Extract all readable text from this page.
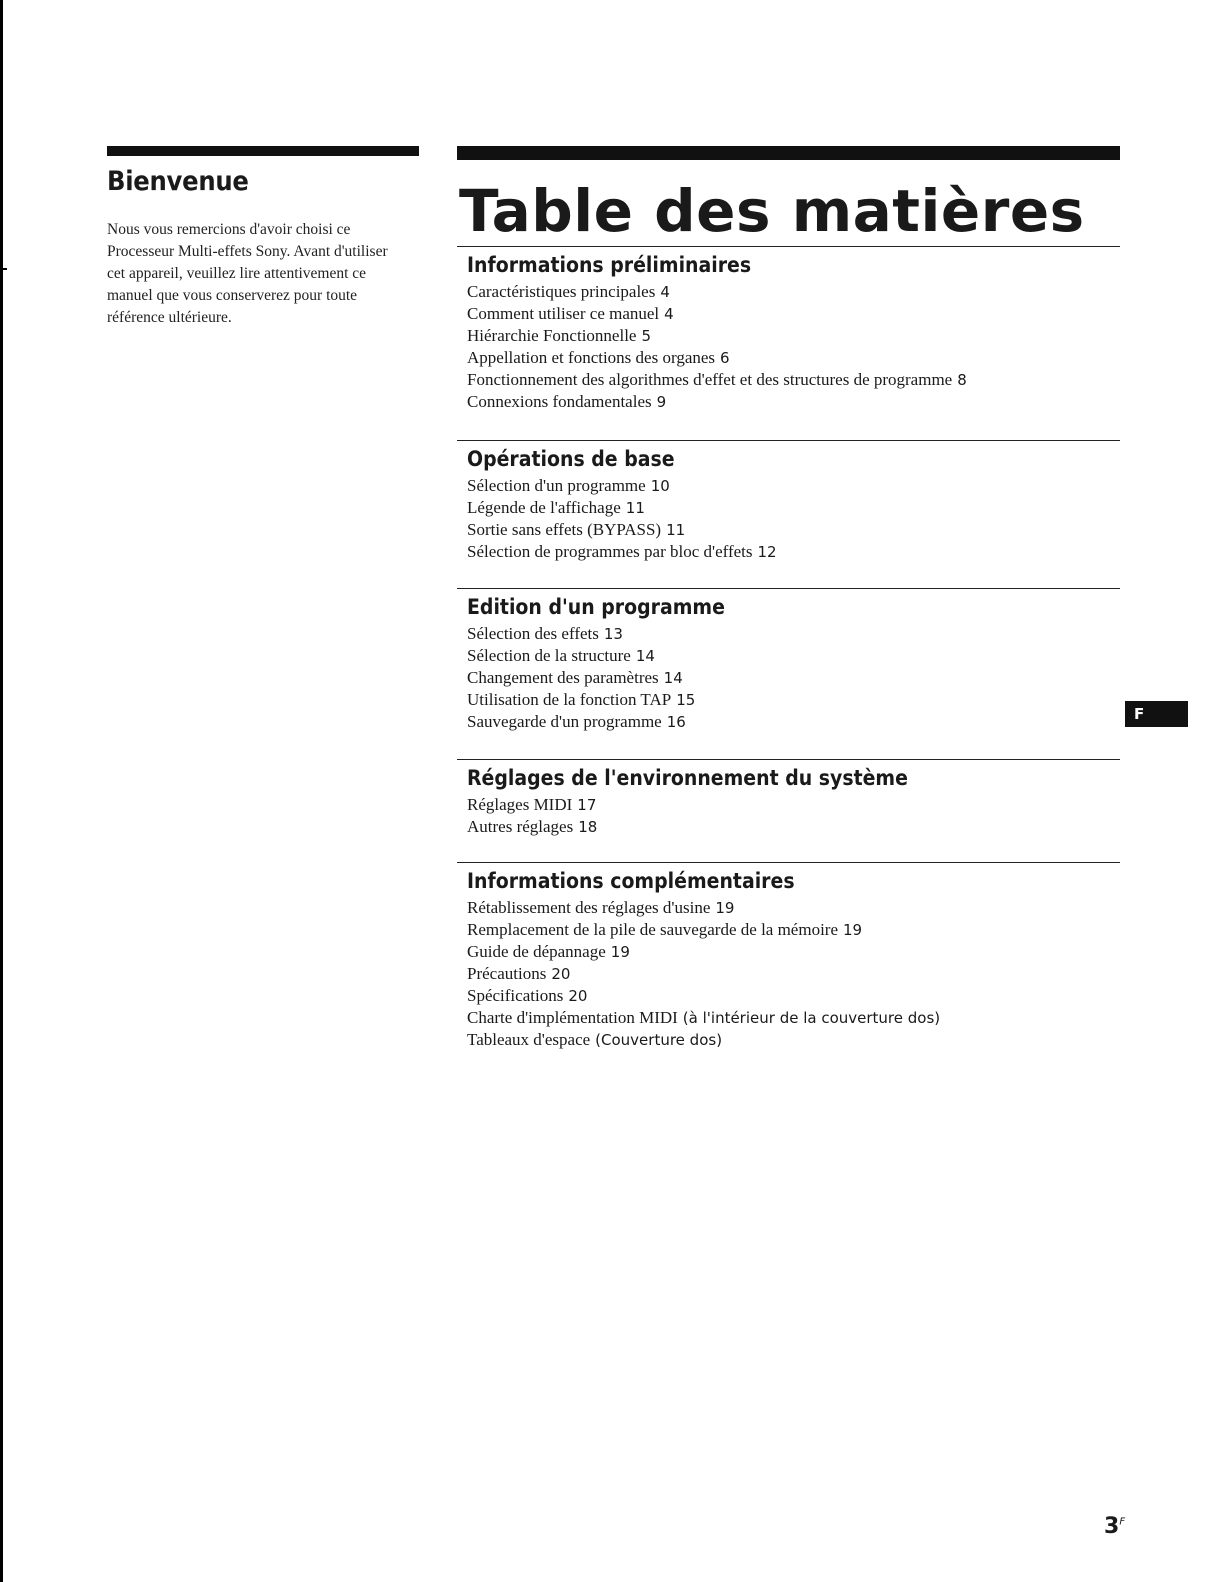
Bienvenue

Nous vous remercions d'avoir choisi ce Processeur Multi-effets Sony. Avant d'utiliser cet appareil, veuillez lire attentivement ce manuel que vous conserverez pour toute référence ultérieure.

Table des matières
Informations préliminaires
Caractéristiques principales 4
Comment utiliser ce manuel 4
Hiérarchie Fonctionnelle 5
Appellation et fonctions des organes 6
Fonctionnement des algorithmes d'effet et des structures de programme 8
Connexions fondamentales 9
Opérations de base
Sélection d'un programme 10
Légende de l'affichage 11
Sortie sans effets (BYPASS) 11
Sélection de programmes par bloc d'effets 12
Edition d'un programme
Sélection des effets 13
Sélection de la structure 14
Changement des paramètres 14
Utilisation de la fonction TAP 15
Sauvegarde d'un programme 16
Réglages de l'environnement du système
Réglages MIDI 17
Autres réglages 18
Informations complémentaires
Rétablissement des réglages d'usine 19
Remplacement de la pile de sauvegarde de la mémoire 19
Guide de dépannage 19
Précautions 20
Spécifications 20
Charte d'implémentation MIDI (à l'intérieur de la couverture dos)
Tableaux d'espace (Couverture dos)
F
$3^F$
